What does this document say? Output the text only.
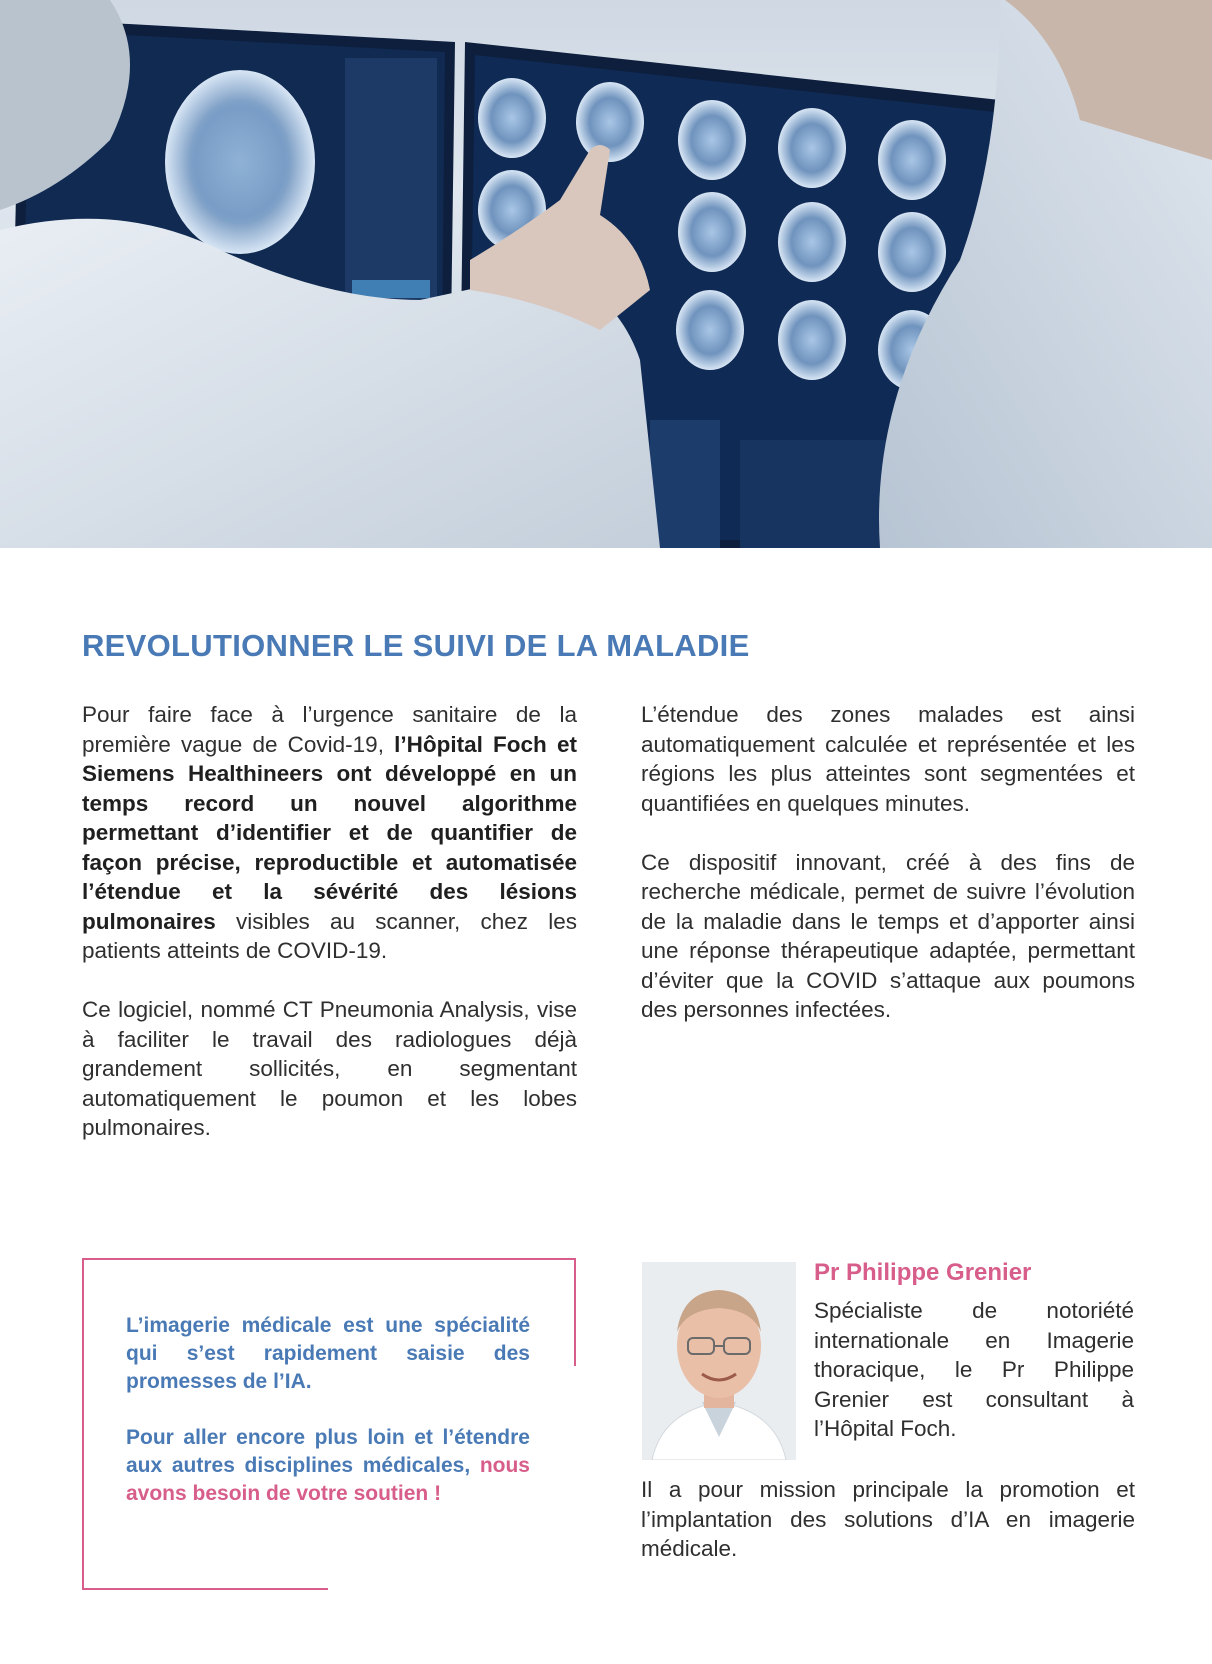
REVOLUTIONNER LE SUIVI DE LA MALADIE

Pour faire face à l’urgence sanitaire de la première vague de Covid-19, l’Hôpital Foch et Siemens Healthineers ont développé en un temps record un nouvel algorithme permettant d’identifier et de quantifier de façon précise, reproductible et automatisée l’étendue et la sévérité des lésions pulmonaires visibles au scanner, chez les patients atteints de COVID-19.

Ce logiciel, nommé CT Pneumonia Analysis, vise à faciliter le travail des radiologues déjà grandement sollicités, en segmentant automatiquement le poumon et les lobes pulmonaires.

L’étendue des zones malades est ainsi automatiquement calculée et représentée et les régions les plus atteintes sont segmentées et quantifiées en quelques minutes.

Ce dispositif innovant, créé à des fins de recherche médicale, permet de suivre l’évolution de la maladie dans le temps et d’apporter ainsi une réponse thérapeutique adaptée, permettant d’éviter que la COVID s’attaque aux poumons des personnes infectées.

L’imagerie médicale est une spécialité qui s’est rapidement saisie des promesses de l’IA.

Pour aller encore plus loin et l’étendre aux autres disciplines médicales, nous avons besoin de votre soutien !

Pr Philippe Grenier
Spécialiste de notoriété internationale en Imagerie thoracique, le Pr Philippe Grenier est consultant à l’Hôpital Foch.
Il a pour mission principale la promotion et l’implantation des solutions d’IA en imagerie médicale.
